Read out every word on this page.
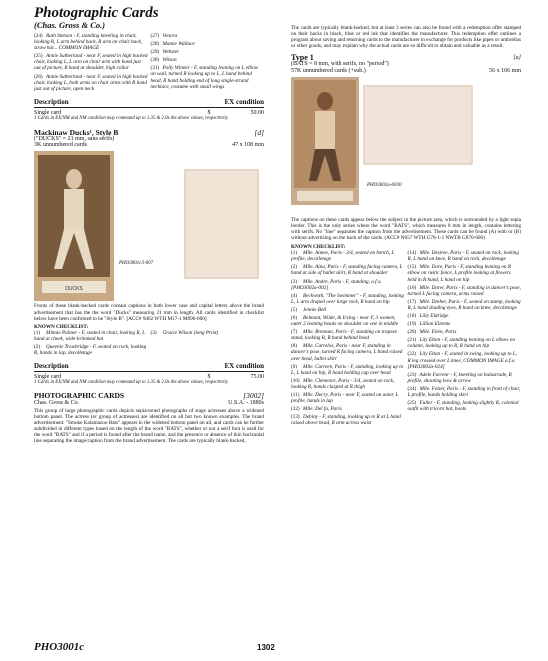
Photographic Cards
(Chas. Gross & Co.)
(24) Ruth Stetson - F, standing kneeling in chair, looking R, L arm behind back, R arm on chair back, straw hat... COMMON IMAGE
(25) Annie Sutherland - near F, seated in high backed chair, looking L, L arm on chair arm with hand just out of picture, R hand at shoulder, high collar
(26) Annie Sutherland - near F, seated in high backed chair, looking L, both arms on chair arms with R hand just out of picture, open neck
(27) Venora
(28) Mamie Wallace
(29) Webster
(30) Wilson
(31) Polly Winner - F, standing leaning on L elbow on wall, turned R looking up to L, L hand behind head, R hand holding end of long single-strand necklace, costume with small wings
Description	EX condition
Single card	$	50.00
1 Cards in EX/NM and NM condition may command up to 1.35 & 2.0x the above values, respectively.
Mackinaw Ducks¹, Style B	[d]
("DUCKS" = 21 mm, sans serifs)
3K unnumbered cards	47 x 108 mm
DUCKS
PHO3001c3-007
Fronts of these blank-backed cards contain captions in both lower case and capital letters above the brand advertisement that has the the word "Ducks" measuring 21 mm in length. All cards identified in checklist below have been confirmed to be "Style B". [ACC# 9462 WTH M17-1 M896-600]
KNOWN CHECKLIST:
(1) Minnie Palmer - F, seated in chair, looking R, L hand at cheek, wide-brimmed hat
(2) Queenie Trowbridge - F, seated on rock, looking R, hands in lap, decolletage
(3) Gracie Wilson (long Print)
Description	EX condition
Single card	$	75.00
1 Cards in EX/NM and NM condition may command up to 1.35 & 2.0x the above values, respectively.
PHOTOGRAPHIC CARDS	[3002]
Chas. Gross & Co.	U.S.A. - 1880s
This group of large photographic cards depicts sepia-toned photographs of stage actresses above a widened bottom panel. The actress (or group of actresses) are identified on all but two known examples. The brand advertisement: "Smoke Kalamazoo Bats" appears in the widened bottom panel on all, and cards can be further subdivided in different types based on the length of the word "BATS", whether or not a serif font is used for the word "BATS" and if a period is found after the brand name, and the presence or absence of thin horizontal line separating the image/caption from the brand advertisement. The cards are typically blank-backed,
The cards are typically blank-backed, but at least 3 series can also be found with a redemption offer stamped on their backs in black, blue or red ink that identifies the manufacturer. This redemption offer outlines a program about saving and returning cards to the manufacturer in exchange for products like pipes or umbrellas or other goods, and may explain why the actual cards are so difficult to obtain and valuable as a result.
Type 1	[a]
(BATS = 8 mm, with serifs, no "period")
57K unnumbered cards (+sub.)	56 x 106 mm
PHO3002a-0030
The captions on these cards appear below the subject in the picture area, which is surrounded by a light sepia border. This is the only series where the word "BATS", which measures 8 mm in length, contains lettering with serifs. No "line" separates the caption from the advertisement. These cards can be found (A) with or (B) without advertising on the back of the cards. (ACC# N657 WTH G78-1-1 NWTB G870-600)
KNOWN CHECKLIST:
(1) Mlle. Aimee, Paris - 3/4, seated on bench, L profile, decolletage
(2) Mlle. Aina, Paris - F, standing facing camera, L hand at side of ballet skirt, R hand at shoulder
(3) Mlle. Andre, Paris - F, standing, a.f.o. [PHO3002a-002]
(4) Beckwoth, "The Swimmer" - F, standing, looking L, L arm draped over large rock, R hand on hip
(5) Jennie Bell
(6) Belmont, Wilde, & Irving - near F, 3 women, outer 2 leaning heads on shoulder on one in middle
(7) Mlle. Brennan, Paris - F, standing on trapeze stand, looking R, R hand behind head
(8) Mlle. Carrelos, Paris - near F, standing in dancer's pose, turned R facing camera, L hand raised over head, ballet skirt
(9) Mlle. Carreen, Paris - F, standing, looking up to L, L hand on hip, R hand holding cup over head
(10) Mlle. Clemence, Paris - 3/4, seated on rock, looking R, hands clasped at R thigh
(11) Mlle. Decry, Paris - near F, seated on oater, L profile, hands in lap
(12) Mlle. Del fa, Paris
(13) Debiny - F, standing, looking up to R at L hand raised above head, R arm across waist
(14) Mlle. Desiree, Paris - F, seated on rock, looking R, L hand on knee, R hand on rock, decolletage
(15) Mlle. Dore, Paris - F, standing leaning on R elbow on rustic fence, L profile looking at flowers held in R hand, L hand on hip
(16) Mlle. Dorer, Paris - F, standing in dancer's pose, turned L facing camera, arms raised
(17) Mlle. Dreher, Paris - F, seated on stump, looking R, L hand shading eyes, R hand on knee, decolletage
(18) Lilly Eldridge
(19) Lillian Elienne
(20) Mlle. Elien, Paris
(21) Lily Elton - F, standing leaning on L elbow on column, looking up to R, R hand on hip
(22) Lily Elton - F, seated in swing, looking up to L, R leg crossed over L knee, COMMON IMAGE a.f.o. [PHO3002a-024]
(23) Adele Farrenr - F, kneeling on balustrade, R profile, shooting bow & arrow
(24) Mlle. Felzer, Paris - F, standing in front of chair, L profile, hands holding skirt
(25) Fuller - F, standing, looking slightly R, colonial outfit with tricorn hat, boots
PHO3001c	1302
